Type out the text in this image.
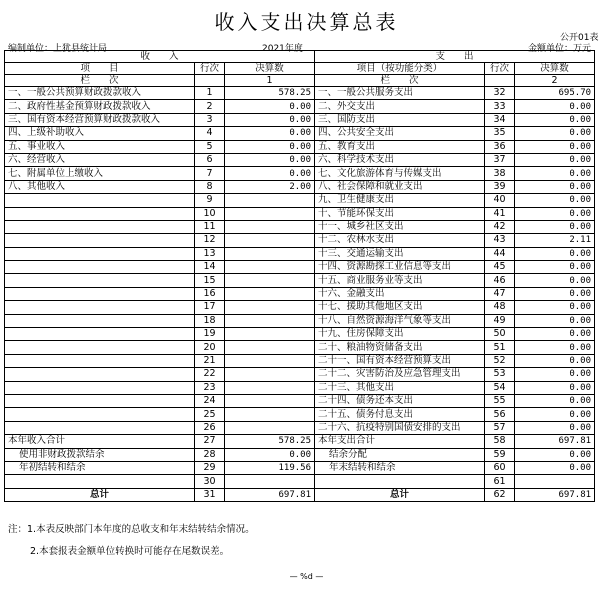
收入支出决算总表
公开01表
编制单位：上犹县统计局	2021年度	金额单位：万元
收　　入			支　　出		
项　　目	行次	决算数	项目（按功能分类）	行次	决算数
栏　　次		1	栏　　次		2
一、一般公共预算财政拨款收入	1	578.25	一、一般公共服务支出	32	695.70
二、政府性基金预算财政拨款收入	2	0.00	二、外交支出	33	0.00
三、国有资本经营预算财政拨款收入	3	0.00	三、国防支出	34	0.00
四、上级补助收入	4	0.00	四、公共安全支出	35	0.00
五、事业收入	5	0.00	五、教育支出	36	0.00
六、经营收入	6	0.00	六、科学技术支出	37	0.00
七、附属单位上缴收入	7	0.00	七、文化旅游体育与传媒支出	38	0.00
八、其他收入	8	2.00	八、社会保障和就业支出	39	0.00
	9		九、卫生健康支出	40	0.00
	10		十、节能环保支出	41	0.00
	11		十一、城乡社区支出	42	0.00
	12		十二、农林水支出	43	2.11
	13		十三、交通运输支出	44	0.00
	14		十四、资源勘探工业信息等支出	45	0.00
	15		十五、商业服务业等支出	46	0.00
	16		十六、金融支出	47	0.00
	17		十七、援助其他地区支出	48	0.00
	18		十八、自然资源海洋气象等支出	49	0.00
	19		十九、住房保障支出	50	0.00
	20		二十、粮油物资储备支出	51	0.00
	21		二十一、国有资本经营预算支出	52	0.00
	22		二十二、灾害防治及应急管理支出	53	0.00
	23		二十三、其他支出	54	0.00
	24		二十四、债务还本支出	55	0.00
	25		二十五、债务付息支出	56	0.00
	26		二十六、抗疫特别国债安排的支出	57	0.00
本年收入合计	27	578.25	本年支出合计	58	697.81
使用非财政拨款结余	28	0.00	结余分配	59	0.00
年初结转和结余	29	119.56	年末结转和结余	60	0.00
	30			61	
总计	31	697.81	总计	62	697.81
注：1.本表反映部门本年度的总收支和年末结转结余情况。
2.本套报表金额单位转换时可能存在尾数误差。
— %d —
